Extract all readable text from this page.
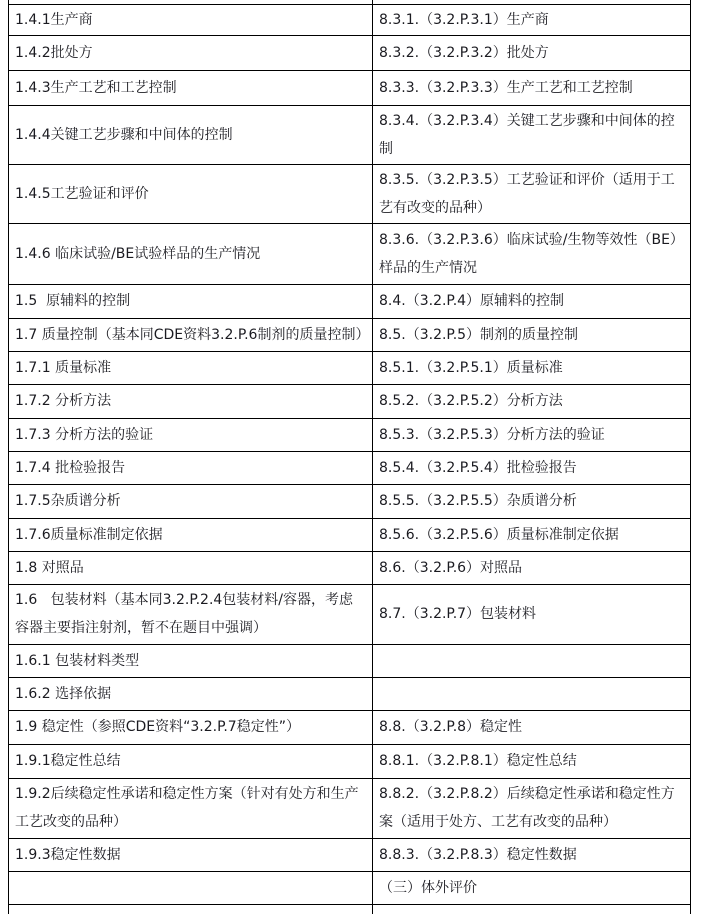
1.4.1生产商	8.3.1.（3.2.P.3.1）生产商
1.4.2批处方	8.3.2.（3.2.P.3.2）批处方
1.4.3生产工艺和工艺控制	8.3.3.（3.2.P.3.3）生产工艺和工艺控制
1.4.4关键工艺步骤和中间体的控制	8.3.4.（3.2.P.3.4）关键工艺步骤和中间体的控制
1.4.5工艺验证和评价	8.3.5.（3.2.P.3.5）工艺验证和评价（适用于工艺有改变的品种）
1.4.6 临床试验/BE试验样品的生产情况	8.3.6.（3.2.P.3.6）临床试验/生物等效性（BE）样品的生产情况
1.5  原辅料的控制	8.4.（3.2.P.4）原辅料的控制
1.7 质量控制（基本同CDE资料3.2.P.6制剂的质量控制）	8.5.（3.2.P.5）制剂的质量控制
1.7.1 质量标准	8.5.1.（3.2.P.5.1）质量标准
1.7.2 分析方法	8.5.2.（3.2.P.5.2）分析方法
1.7.3 分析方法的验证	8.5.3.（3.2.P.5.3）分析方法的验证
1.7.4 批检验报告	8.5.4.（3.2.P.5.4）批检验报告
1.7.5杂质谱分析	8.5.5.（3.2.P.5.5）杂质谱分析
1.7.6质量标准制定依据	8.5.6.（3.2.P.5.6）质量标准制定依据
1.8 对照品	8.6.（3.2.P.6）对照品
1.6   包装材料（基本同3.2.P.2.4包装材料/容器，考虑容器主要指注射剂，暂不在题目中强调）	8.7.（3.2.P.7）包装材料
1.6.1 包装材料类型	
1.6.2 选择依据	
1.9 稳定性（参照CDE资料“3.2.P.7稳定性”）	8.8.（3.2.P.8）稳定性
1.9.1稳定性总结	8.8.1.（3.2.P.8.1）稳定性总结
1.9.2后续稳定性承诺和稳定性方案（针对有处方和生产工艺改变的品种）	8.8.2.（3.2.P.8.2）后续稳定性承诺和稳定性方案（适用于处方、工艺有改变的品种）
1.9.3稳定性数据	8.8.3.（3.2.P.8.3）稳定性数据
	（三）体外评价
